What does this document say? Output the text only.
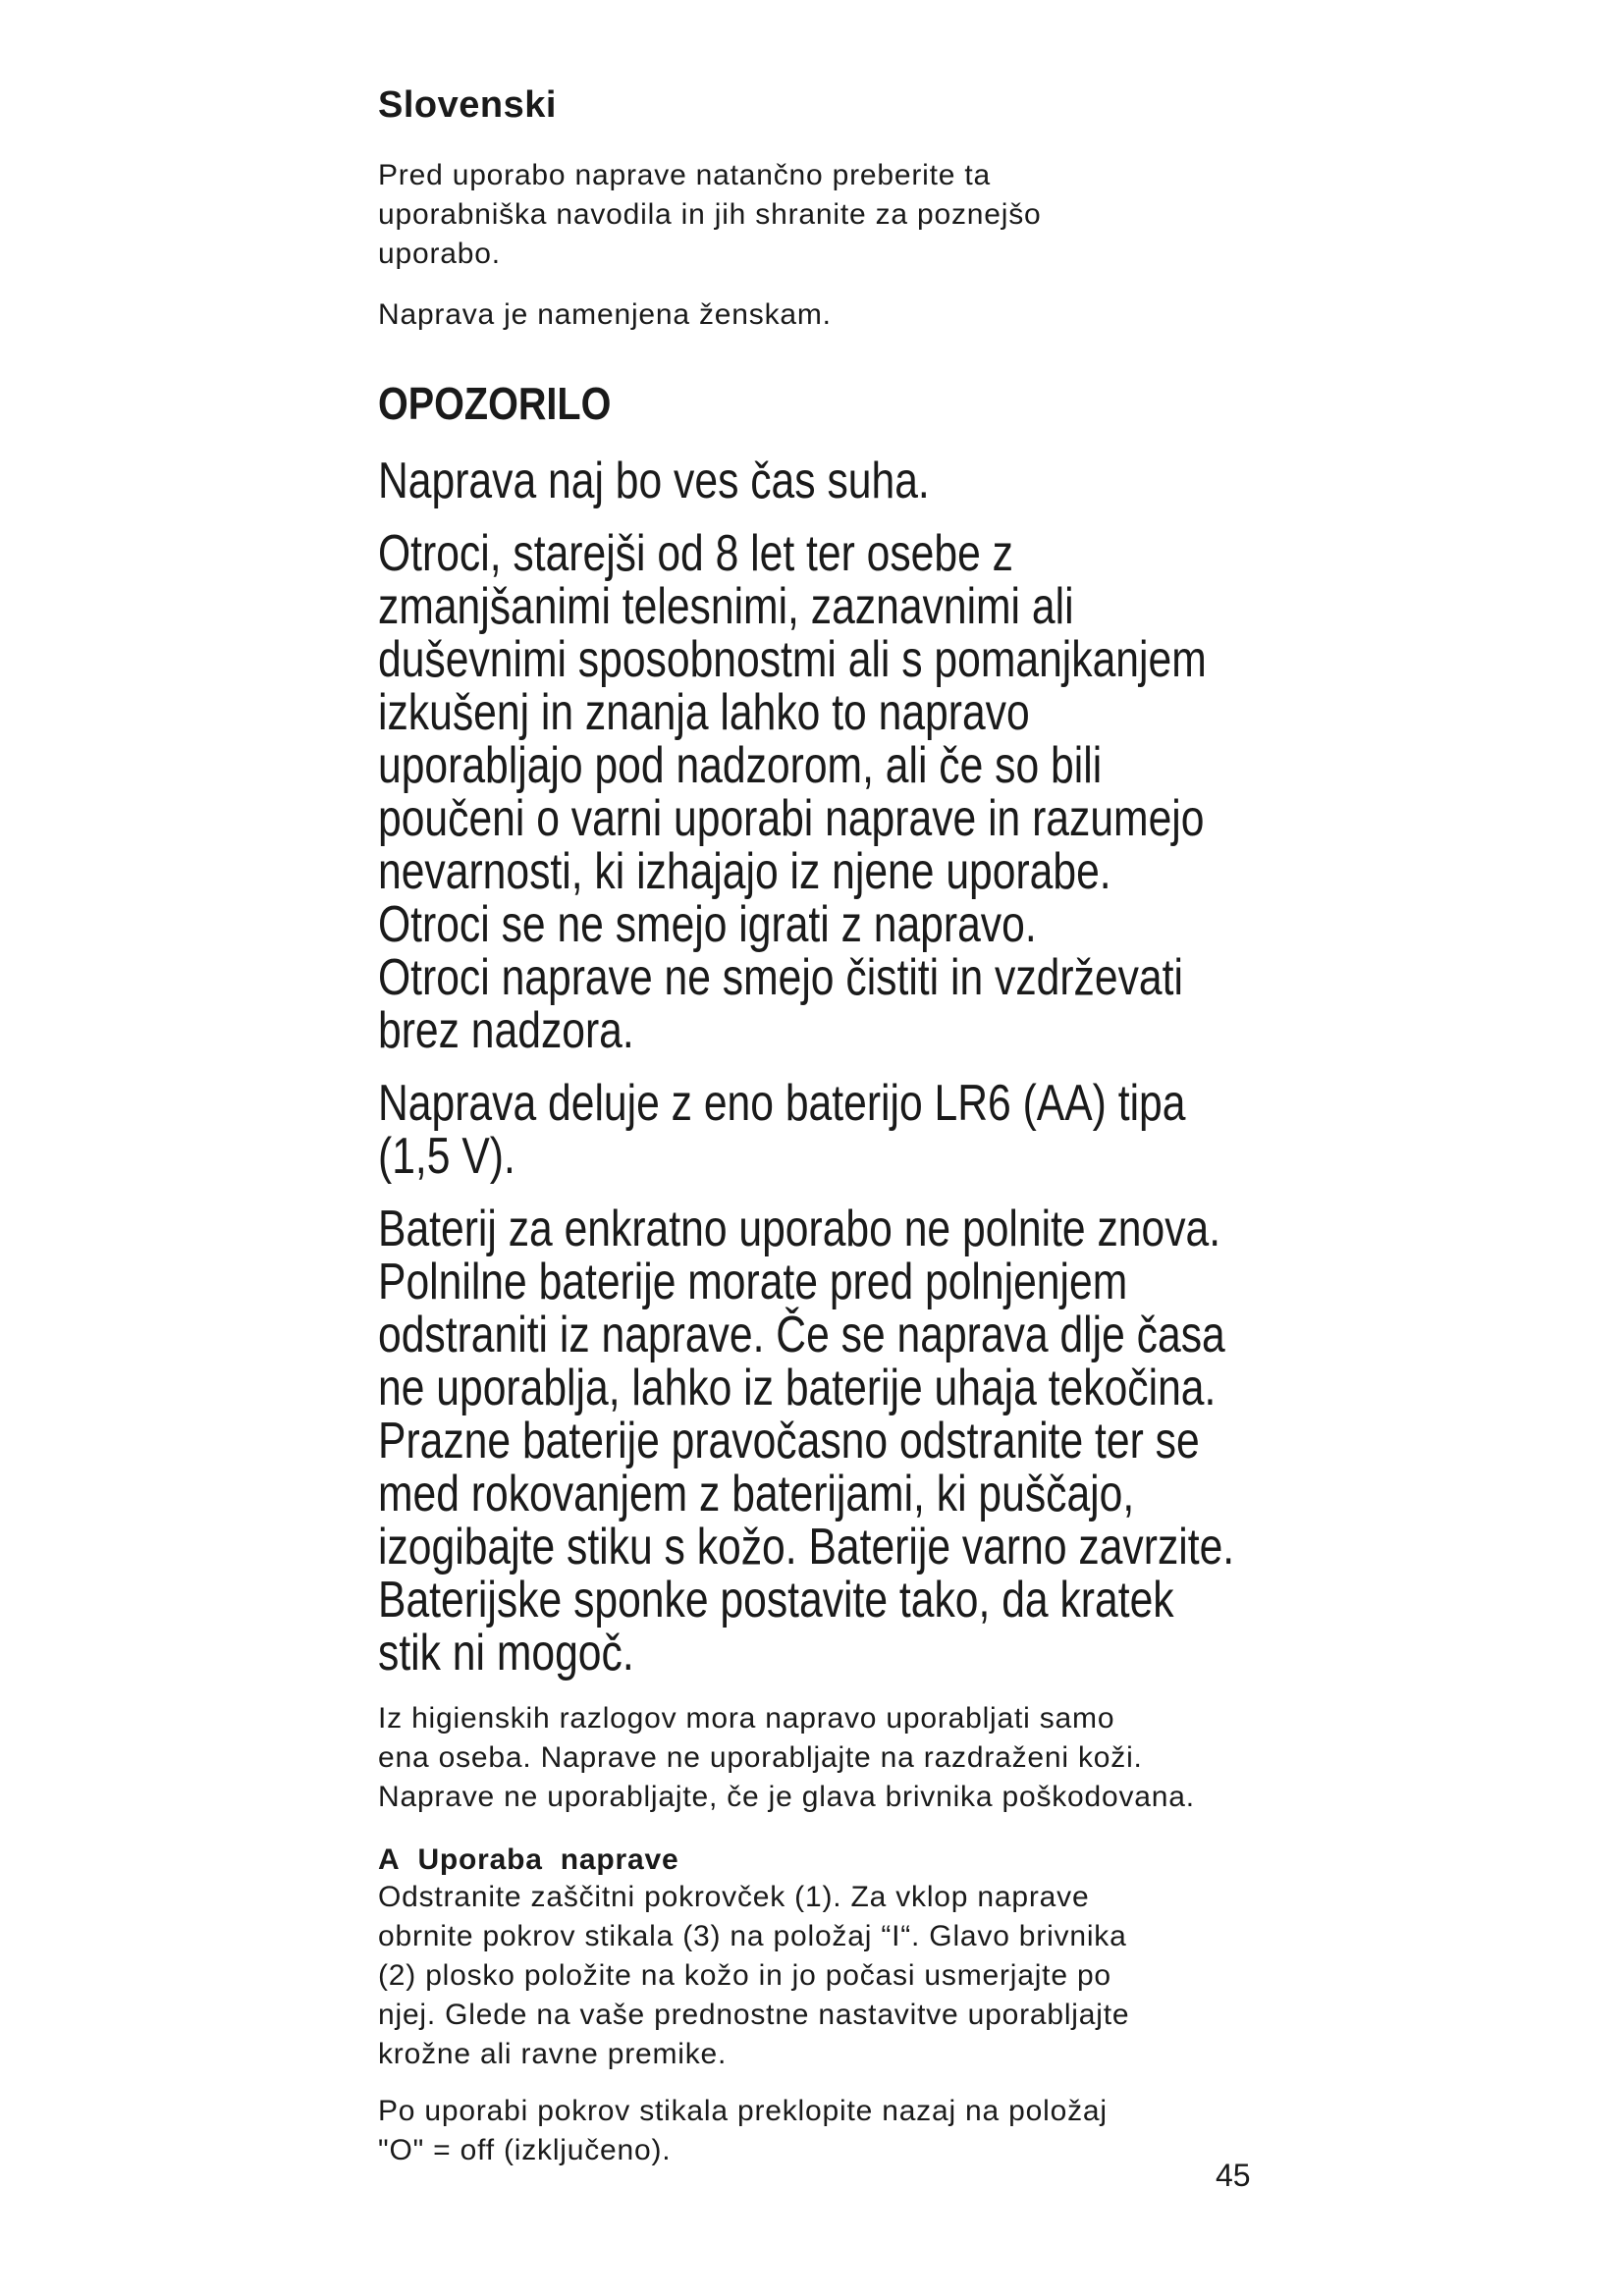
Slovenski

Pred uporabo naprave natančno preberite ta uporabniška navodila in jih shranite za poznejšo uporabo.

Naprava je namenjena ženskam.

OPOZORILO
Naprava naj bo ves čas suha.
Otroci, starejši od 8 let ter osebe z
zmanjšanimi telesnimi, zaznavnimi ali
duševnimi sposobnostmi ali s pomanjkanjem
izkušenj in znanja lahko to napravo
uporabljajo pod nadzorom, ali če so bili
poučeni o varni uporabi naprave in razumejo
nevarnosti, ki izhajajo iz njene uporabe.
Otroci se ne smejo igrati z napravo.
Otroci naprave ne smejo čistiti in vzdrževati
brez nadzora.
Naprava deluje z eno baterijo LR6 (AA) tipa
(1,5 V).
Baterij za enkratno uporabo ne polnite znova.
Polnilne baterije morate pred polnjenjem
odstraniti iz naprave. Če se naprava dlje časa
ne uporablja, lahko iz baterije uhaja tekočina.
Prazne baterije pravočasno odstranite ter se
med rokovanjem z baterijami, ki puščajo,
izogibajte stiku s kožo. Baterije varno zavrzite.
Baterijske sponke postavite tako, da kratek
stik ni mogoč.
Iz higienskih razlogov mora napravo uporabljati samo
ena oseba. Naprave ne uporabljajte na razdraženi koži.
Naprave ne uporabljajte, če je glava brivnika poškodovana.
A Uporaba naprave
Odstranite zaščitni pokrovček (1). Za vklop naprave
obrnite pokrov stikala (3) na položaj “I“. Glavo brivnika
(2) plosko položite na kožo in jo počasi usmerjajte po
njej. Glede na vaše prednostne nastavitve uporabljajte
krožne ali ravne premike.
Po uporabi pokrov stikala preklopite nazaj na položaj
"O" = off (izključeno).
45
